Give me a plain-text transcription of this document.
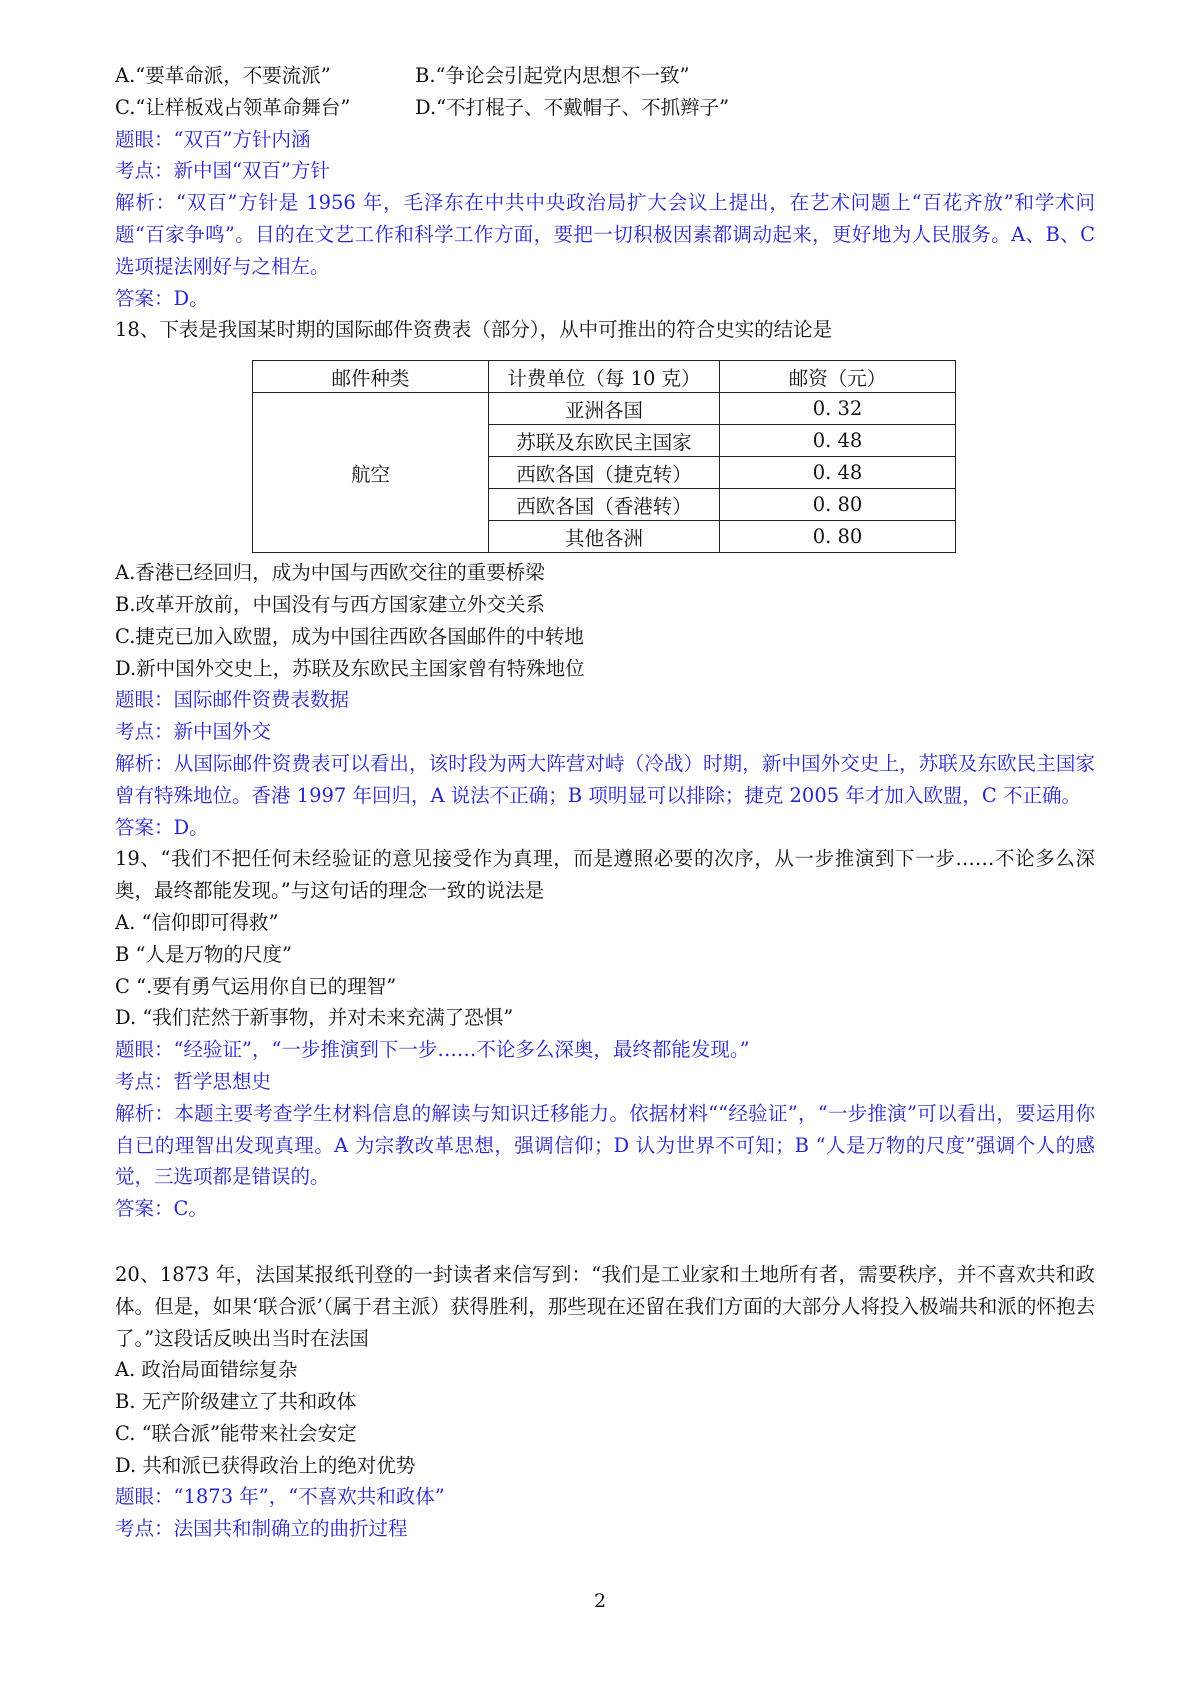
A.“要革命派，不要流派”	B.“争论会引起党内思想不一致”
C.“让样板戏占领革命舞台”	D.“不打棍子、不戴帽子、不抓辫子”
题眼：“双百”方针内涵
考点：新中国“双百”方针
解析：“双百”方针是 1956 年，毛泽东在中共中央政治局扩大会议上提出，在艺术问题上“百花齐放”和学术问题“百家争鸣”。目的在文艺工作和科学工作方面，要把一切积极因素都调动起来，更好地为人民服务。A、B、C 选项提法刚好与之相左。
答案：D。
18、下表是我国某时期的国际邮件资费表（部分），从中可推出的符合史实的结论是
邮件种类	计费单位（每 10 克）	邮资（元）
航空	亚洲各国	0. 32
	苏联及东欧民主国家	0. 48
	西欧各国（捷克转）	0. 48
	西欧各国（香港转）	0. 80
	其他各洲	0. 80
A.香港已经回归，成为中国与西欧交往的重要桥梁
B.改革开放前，中国没有与西方国家建立外交关系
C.捷克已加入欧盟，成为中国往西欧各国邮件的中转地
D.新中国外交史上，苏联及东欧民主国家曾有特殊地位
题眼：国际邮件资费表数据
考点：新中国外交
解析：从国际邮件资费表可以看出，该时段为两大阵营对峙（冷战）时期，新中国外交史上，苏联及东欧民主国家曾有特殊地位。香港 1997 年回归，A 说法不正确；B 项明显可以排除；捷克 2005 年才加入欧盟，C 不正确。
答案：D。
19、“我们不把任何未经验证的意见接受作为真理，而是遵照必要的次序，从一步推演到下一步……不论多么深奥，最终都能发现。”与这句话的理念一致的说法是
A. “信仰即可得救”
B “人是万物的尺度”
C “.要有勇气运用你自已的理智”
D. “我们茫然于新事物，并对未来充满了恐惧”
题眼：“经验证”，“一步推演到下一步……不论多么深奥，最终都能发现。”
考点：哲学思想史
解析：本题主要考查学生材料信息的解读与知识迁移能力。依据材料““经验证”，“一步推演”可以看出，要运用你自已的理智出发现真理。A 为宗教改革思想，强调信仰；D 认为世界不可知；B “人是万物的尺度”强调个人的感觉，三选项都是错误的。
答案：C。
20、1873 年，法国某报纸刊登的一封读者来信写到：“我们是工业家和土地所有者，需要秩序，并不喜欢共和政体。但是，如果‘联合派’（属于君主派）获得胜利，那些现在还留在我们方面的大部分人将投入极端共和派的怀抱去了。”这段话反映出当时在法国
A. 政治局面错综复杂
B. 无产阶级建立了共和政体
C. “联合派”能带来社会安定
D. 共和派已获得政治上的绝对优势
题眼：“1873 年”，“不喜欢共和政体”
考点：法国共和制确立的曲折过程
2
